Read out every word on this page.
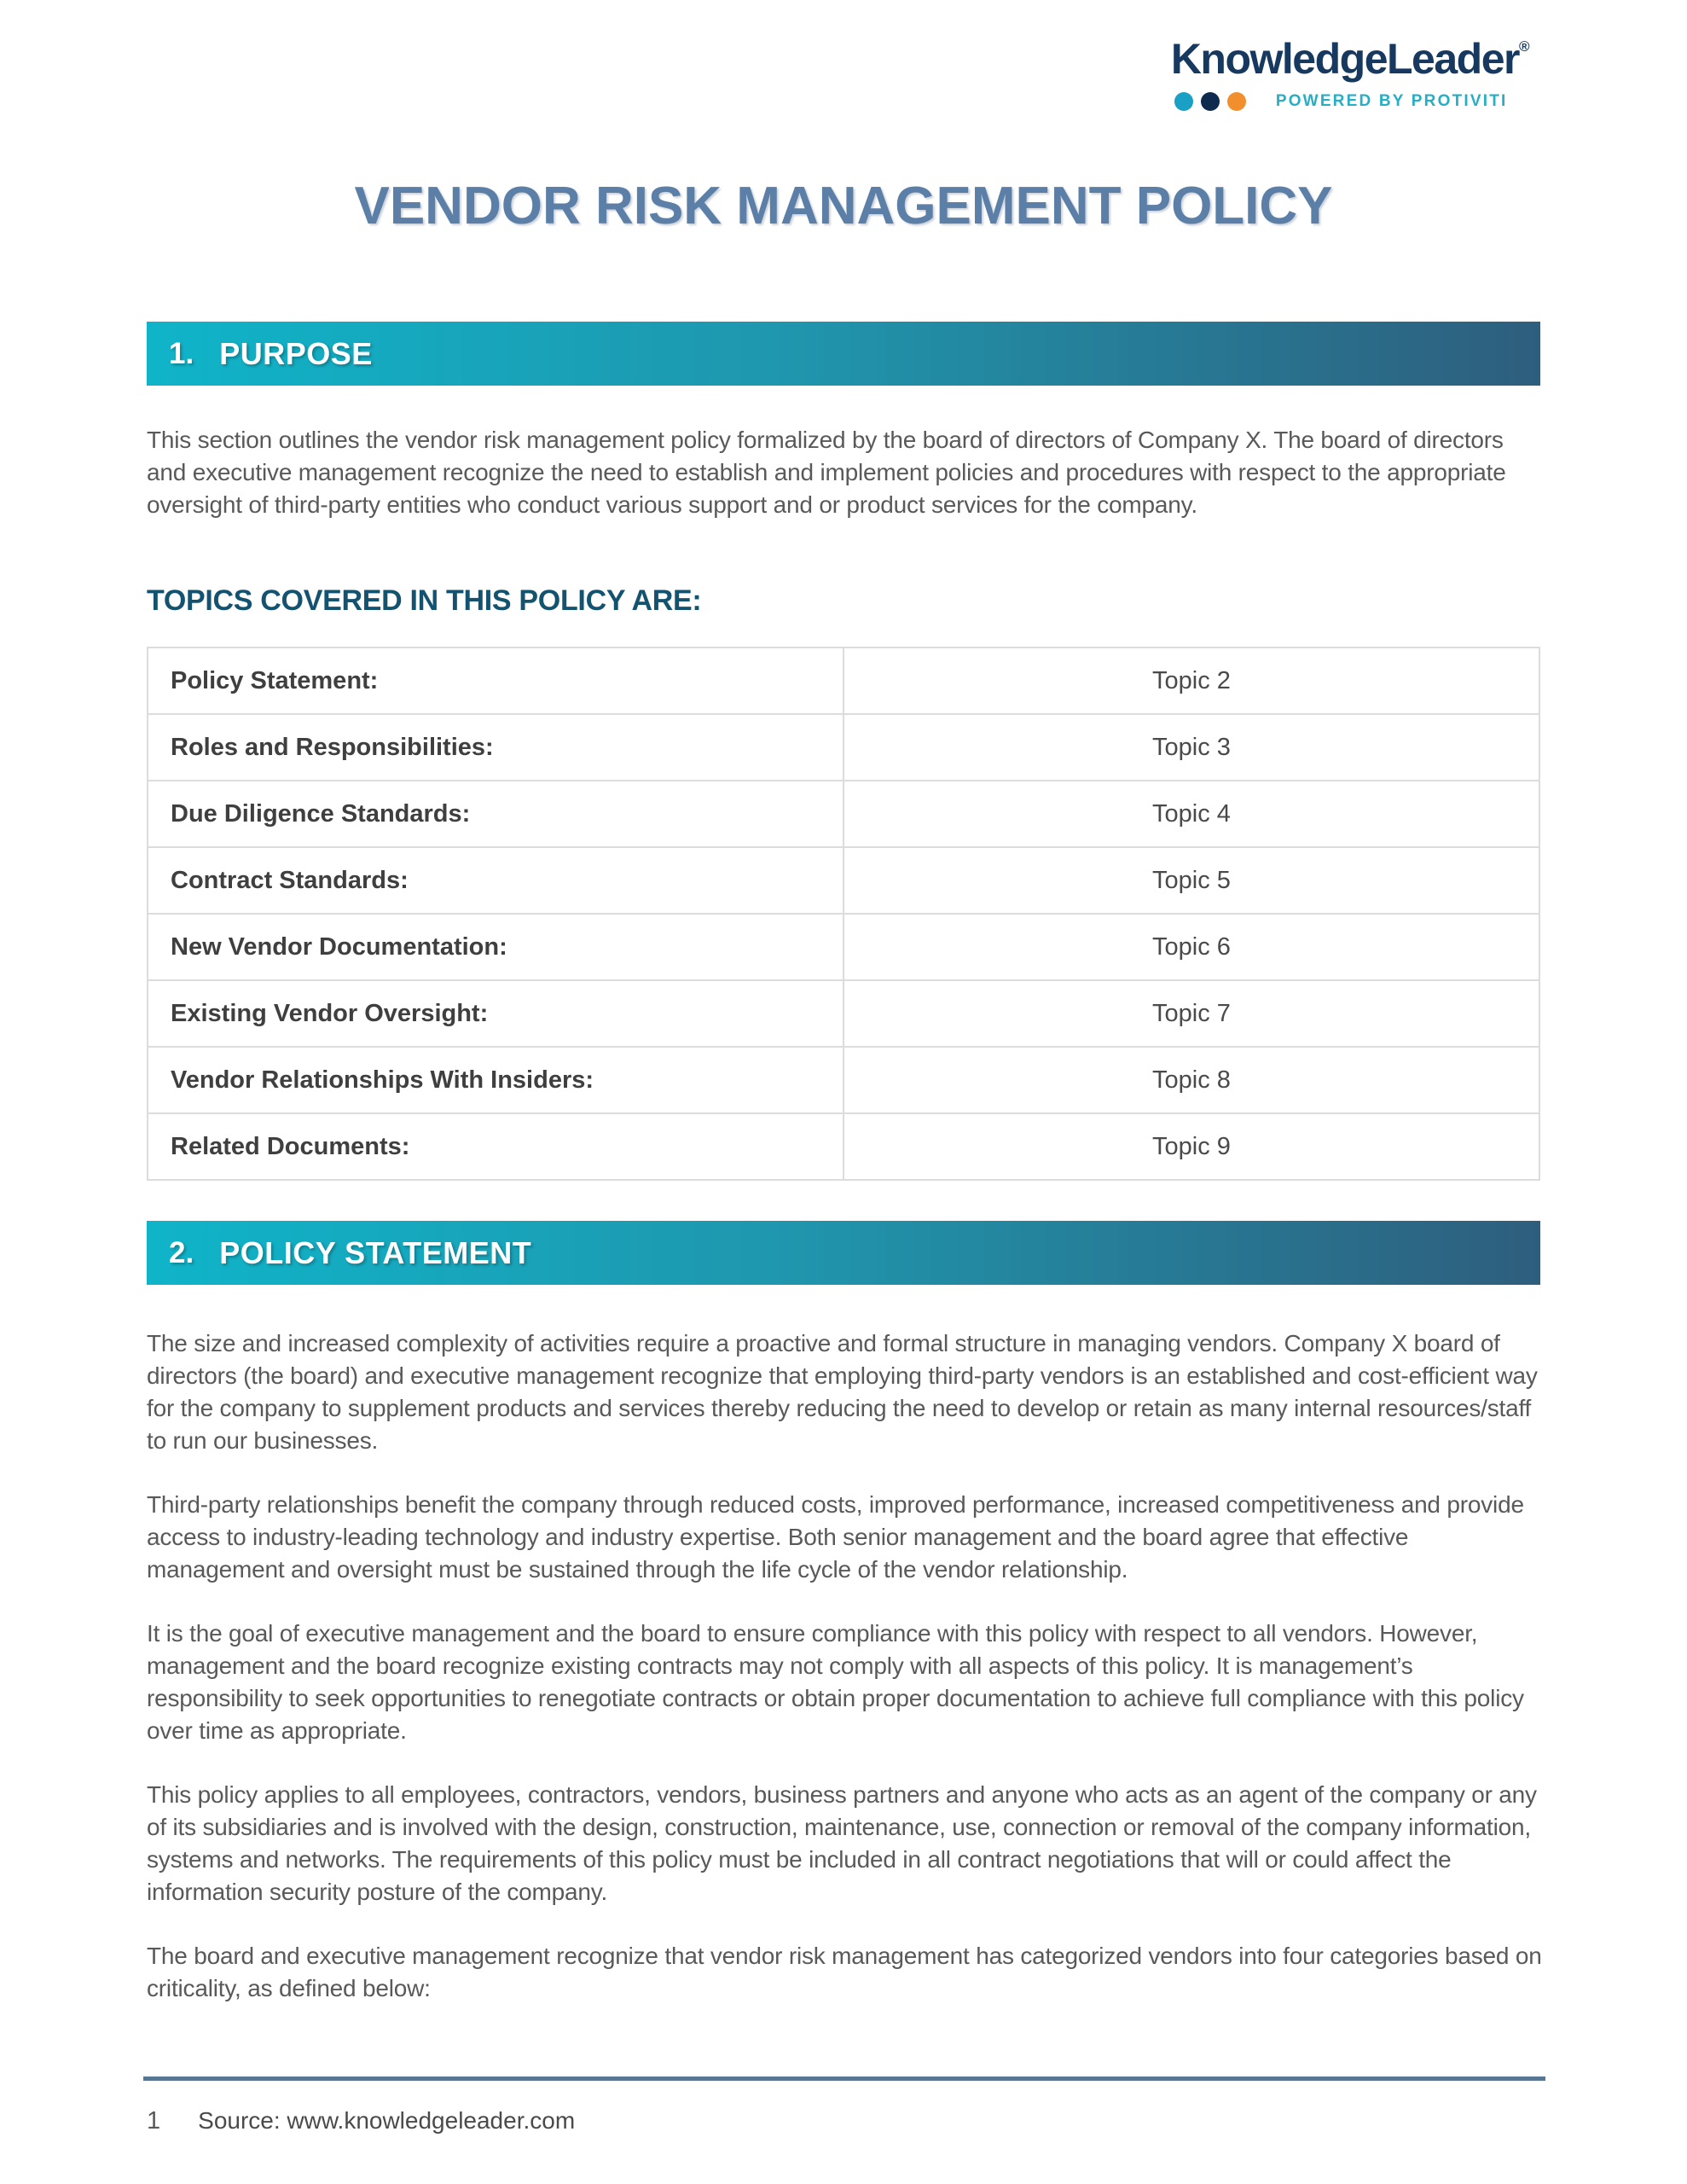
KnowledgeLeader®
POWERED BY PROTIVITI
VENDOR RISK MANAGEMENT POLICY
1. PURPOSE

This section outlines the vendor risk management policy formalized by the board of directors of Company X. The board of directors and executive management recognize the need to establish and implement policies and procedures with respect to the appropriate oversight of third-party entities who conduct various support and or product services for the company.

TOPICS COVERED IN THIS POLICY ARE:
Policy Statement:	Topic 2
Roles and Responsibilities:	Topic 3
Due Diligence Standards:	Topic 4
Contract Standards:	Topic 5
New Vendor Documentation:	Topic 6
Existing Vendor Oversight:	Topic 7
Vendor Relationships With Insiders:	Topic 8
Related Documents:	Topic 9
2. POLICY STATEMENT

The size and increased complexity of activities require a proactive and formal structure in managing vendors. Company X board of directors (the board) and executive management recognize that employing third-party vendors is an established and cost-efficient way for the company to supplement products and services thereby reducing the need to develop or retain as many internal resources/staff to run our businesses.

Third-party relationships benefit the company through reduced costs, improved performance, increased competitiveness and provide access to industry-leading technology and industry expertise. Both senior management and the board agree that effective management and oversight must be sustained through the life cycle of the vendor relationship.

It is the goal of executive management and the board to ensure compliance with this policy with respect to all vendors. However, management and the board recognize existing contracts may not comply with all aspects of this policy. It is management’s responsibility to seek opportunities to renegotiate contracts or obtain proper documentation to achieve full compliance with this policy over time as appropriate.

This policy applies to all employees, contractors, vendors, business partners and anyone who acts as an agent of the company or any of its subsidiaries and is involved with the design, construction, maintenance, use, connection or removal of the company information, systems and networks. The requirements of this policy must be included in all contract negotiations that will or could affect the information security posture of the company.

The board and executive management recognize that vendor risk management has categorized vendors into four categories based on criticality, as defined below:

1 Source: www.knowledgeleader.com
